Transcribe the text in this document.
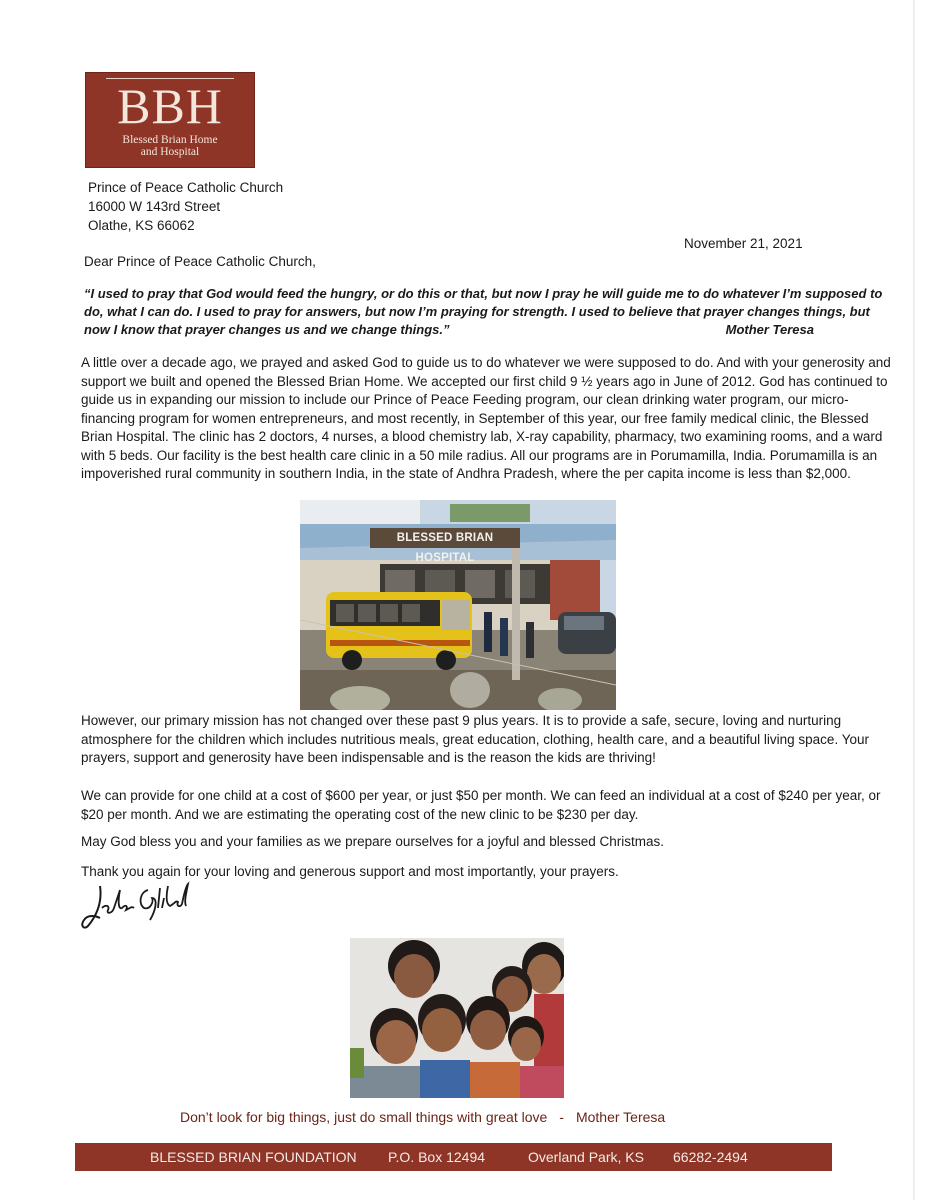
BBH
Blessed Brian Home
and Hospital
Prince of Peace Catholic Church
16000 W 143rd Street
Olathe, KS 66062
November 21, 2021
Dear Prince of Peace Catholic Church,
“I used to pray that God would feed the hungry, or do this or that, but now I pray he will guide me to do whatever I’m supposed to do, what I can do. I used to pray for answers, but now I’m praying for strength. I used to believe that prayer changes things, but now I know that prayer changes us and we change things.”	Mother Teresa
A little over a decade ago, we prayed and asked God to guide us to do whatever we were supposed to do. And with your generosity and support we built and opened the Blessed Brian Home. We accepted our first child 9 ½ years ago in June of 2012. God has continued to guide us in expanding our mission to include our Prince of Peace Feeding program, our clean drinking water program, our micro-financing program for women entrepreneurs, and most recently, in September of this year, our free family medical clinic, the Blessed Brian Hospital. The clinic has 2 doctors, 4 nurses, a blood chemistry lab, X-ray capability, pharmacy, two examining rooms, and a ward with 5 beds. Our facility is the best health care clinic in a 50 mile radius. All our programs are in Porumamilla, India. Porumamilla is an impoverished rural community in southern India, in the state of Andhra Pradesh, where the per capita income is less than $2,000.
BLESSED BRIAN HOSPITAL
However, our primary mission has not changed over these past 9 plus years. It is to provide a safe, secure, loving and nurturing atmosphere for the children which includes nutritious meals, great education, clothing, health care, and a beautiful living space. Your prayers, support and generosity have been indispensable and is the reason the kids are thriving!
We can provide for one child at a cost of $600 per year, or just $50 per month. We can feed an individual at a cost of $240 per year, or $20 per month. And we are estimating the operating cost of the new clinic to be $230 per day.
May God bless you and your families as we prepare ourselves for a joyful and blessed Christmas.
Thank you again for your loving and generous support and most importantly, your prayers.
Don’t look for big things, just do small things with great love - Mother Teresa
BLESSED BRIAN FOUNDATION P.O. Box 12494	Overland Park, KS 66282-2494
